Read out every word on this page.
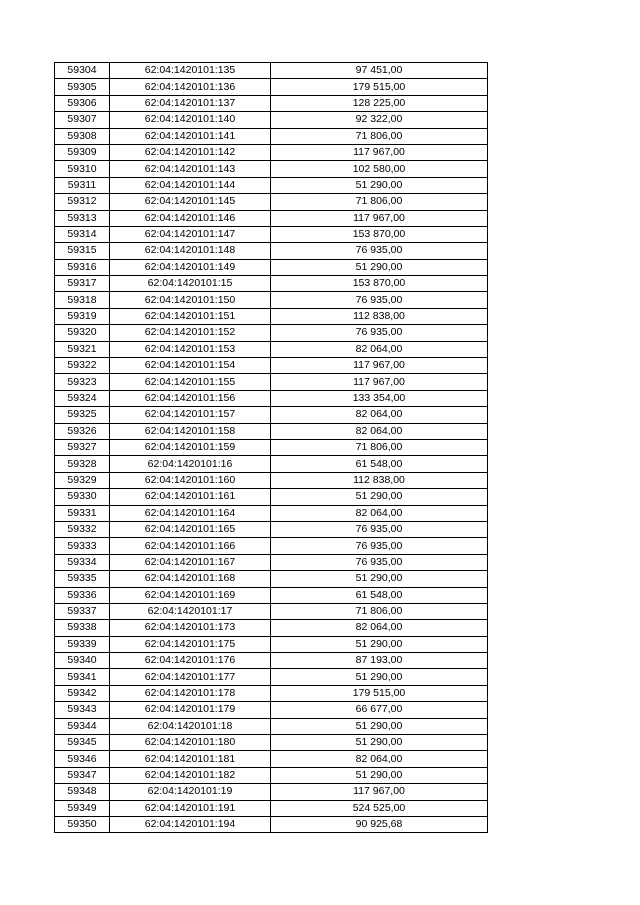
59304	62:04:1420101:135	97 451,00
59305	62:04:1420101:136	179 515,00
59306	62:04:1420101:137	128 225,00
59307	62:04:1420101:140	92 322,00
59308	62:04:1420101:141	71 806,00
59309	62:04:1420101:142	117 967,00
59310	62:04:1420101:143	102 580,00
59311	62:04:1420101:144	51 290,00
59312	62:04:1420101:145	71 806,00
59313	62:04:1420101:146	117 967,00
59314	62:04:1420101:147	153 870,00
59315	62:04:1420101:148	76 935,00
59316	62:04:1420101:149	51 290,00
59317	62:04:1420101:15	153 870,00
59318	62:04:1420101:150	76 935,00
59319	62:04:1420101:151	112 838,00
59320	62:04:1420101:152	76 935,00
59321	62:04:1420101:153	82 064,00
59322	62:04:1420101:154	117 967,00
59323	62:04:1420101:155	117 967,00
59324	62:04:1420101:156	133 354,00
59325	62:04:1420101:157	82 064,00
59326	62:04:1420101:158	82 064,00
59327	62:04:1420101:159	71 806,00
59328	62:04:1420101:16	61 548,00
59329	62:04:1420101:160	112 838,00
59330	62:04:1420101:161	51 290,00
59331	62:04:1420101:164	82 064,00
59332	62:04:1420101:165	76 935,00
59333	62:04:1420101:166	76 935,00
59334	62:04:1420101:167	76 935,00
59335	62:04:1420101:168	51 290,00
59336	62:04:1420101:169	61 548,00
59337	62:04:1420101:17	71 806,00
59338	62:04:1420101:173	82 064,00
59339	62:04:1420101:175	51 290,00
59340	62:04:1420101:176	87 193,00
59341	62:04:1420101:177	51 290,00
59342	62:04:1420101:178	179 515,00
59343	62:04:1420101:179	66 677,00
59344	62:04:1420101:18	51 290,00
59345	62:04:1420101:180	51 290,00
59346	62:04:1420101:181	82 064,00
59347	62:04:1420101:182	51 290,00
59348	62:04:1420101:19	117 967,00
59349	62:04:1420101:191	524 525,00
59350	62:04:1420101:194	90 925,68
